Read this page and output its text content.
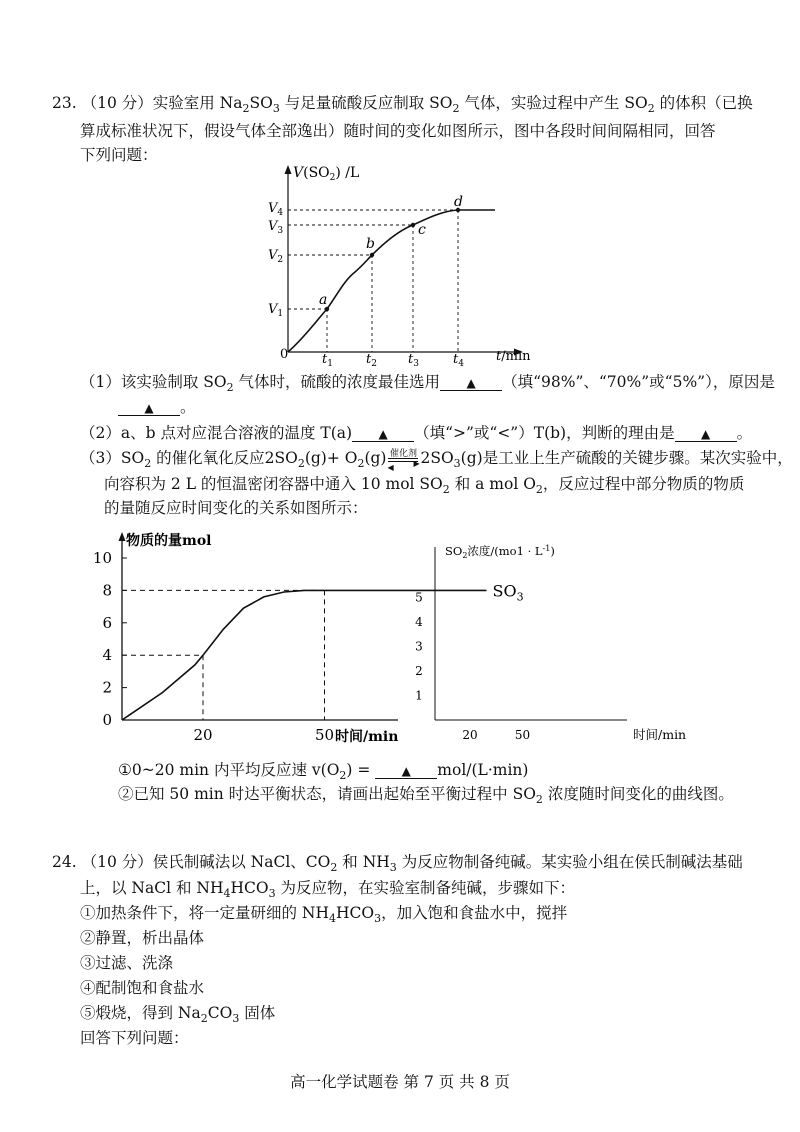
23. （10 分）实验室用 $Na_2SO_3$ 与足量硫酸反应制取 $SO_2$ 气体，实验过程中产生 $SO_2$ 的体积（已换
算成标准状况下，假设气体全部逸出）随时间的变化如图所示，图中各段时间间隔相同，回答
下列问题：
$V(SO_2)$ /L
0	t/min
a
b
c
d
$V_1$
$V_2$
$V_3$
$V_4$
$t_1$	$t_2$ $t_3$	$t_4$
（1）该实验制取 $SO_2$ 气体时，硫酸的浓度最佳选用 ▲ （填“98%”、“70%”或“5%”），原因是
▲ 。
（2）a、b 点对应混合溶液的温度 T(a) ▲ （填“>”或“<”）T(b)，判断的理由是 ▲ 。
$(3)SO_2$ 的催化氧化反应$2SO_2(g)+ O_2(g)$ 催化剂
▶
◀
$2SO_3(g)$是工业上生产硫酸的关键步骤。某次实验中，
向容积为 2 L 的恒温密闭容器中通入 10 mol $SO_2$ 和 a mol $O_2$，反应过程中部分物质的物质
的量随反应时间变化的关系如图所示：
物质的量mol
时间/min
0
2
4
6
8
10
20	50
$SO_3$
$SO_2$浓度$/(mo1 \cdot L^{-1})$
时间/min
1
2
3
4
5
20	50
①0~20 min 内平均反应速 $v(O_2)$ = ▲ mol/(L·min)
②已知 50 min 时达平衡状态，请画出起始至平衡过程中 $SO_2$ 浓度随时间变化的曲线图。
24. （10 分）侯氏制碱法以 NaCl、$CO_2$ 和 $NH_3$ 为反应物制备纯碱。某实验小组在侯氏制碱法基础
上，以 NaCl 和 $NH_4HCO_3$ 为反应物，在实验室制备纯碱，步骤如下：
①加热条件下，将一定量研细的 $NH_4HCO_3$，加入饱和食盐水中，搅拌
②静置，析出晶体
③过滤、洗涤
④配制饱和食盐水
⑤煅烧，得到 $Na_2CO_3$ 固体
回答下列问题：
高一化学试题卷 第 7 页 共 8 页
